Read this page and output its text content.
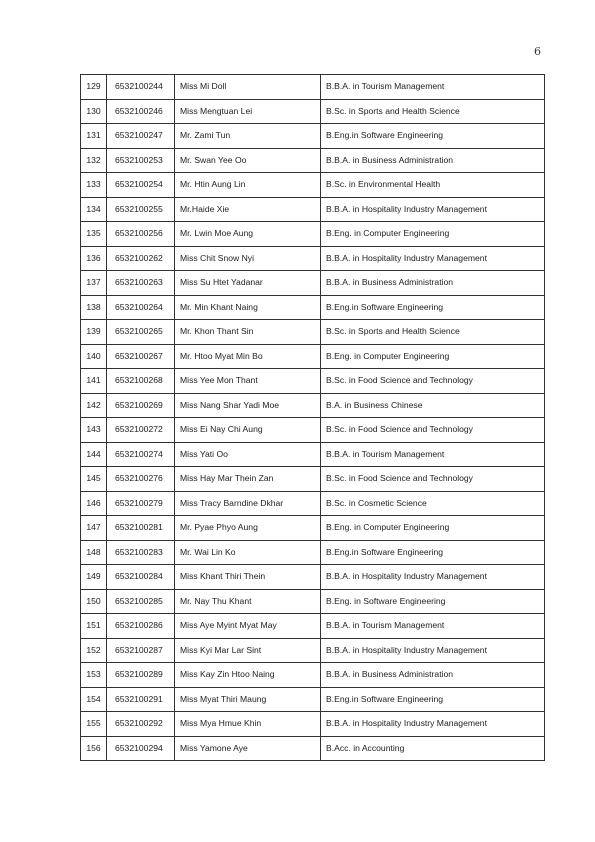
6
129	6532100244	Miss Mi Doll	B.B.A. in Tourism Management
130	6532100246	Miss Mengtuan Lei	B.Sc. in Sports and Health Science
131	6532100247	Mr. Zami Tun	B.Eng.in Software Engineering
132	6532100253	Mr. Swan Yee Oo	B.B.A. in Business Administration
133	6532100254	Mr. Htin Aung Lin	B.Sc. in Environmental Health
134	6532100255	Mr.Haide Xie	B.B.A. in Hospitality Industry Management
135	6532100256	Mr. Lwin Moe Aung	B.Eng. in Computer Engineering
136	6532100262	Miss Chit Snow Nyi	B.B.A. in Hospitality Industry Management
137	6532100263	Miss Su Htet Yadanar	B.B.A. in Business Administration
138	6532100264	Mr. Min Khant Naing	B.Eng.in Software Engineering
139	6532100265	Mr. Khon Thant Sin	B.Sc. in Sports and Health Science
140	6532100267	Mr. Htoo Myat Min Bo	B.Eng. in Computer Engineering
141	6532100268	Miss Yee Mon Thant	B.Sc. in Food Science and Technology
142	6532100269	Miss Nang Shar Yadi Moe	B.A. in Business Chinese
143	6532100272	Miss Ei Nay Chi Aung	B.Sc. in Food Science and Technology
144	6532100274	Miss Yati Oo	B.B.A. in Tourism Management
145	6532100276	Miss Hay Mar Thein Zan	B.Sc. in Food Science and Technology
146	6532100279	Miss Tracy Barndine Dkhar	B.Sc. in Cosmetic Science
147	6532100281	Mr. Pyae Phyo Aung	B.Eng. in Computer Engineering
148	6532100283	Mr. Wai Lin Ko	B.Eng.in Software Engineering
149	6532100284	Miss Khant Thiri Thein	B.B.A. in Hospitality Industry Management
150	6532100285	Mr. Nay Thu Khant	B.Eng. in Software Engineering
151	6532100286	Miss Aye Myint Myat May	B.B.A. in Tourism Management
152	6532100287	Miss Kyi Mar Lar Sint	B.B.A. in Hospitality Industry Management
153	6532100289	Miss Kay Zin Htoo Naing	B.B.A. in Business Administration
154	6532100291	Miss Myat Thiri Maung	B.Eng.in Software Engineering
155	6532100292	Miss Mya Hmue Khin	B.B.A. in Hospitality Industry Management
156	6532100294	Miss Yamone Aye	B.Acc. in Accounting
